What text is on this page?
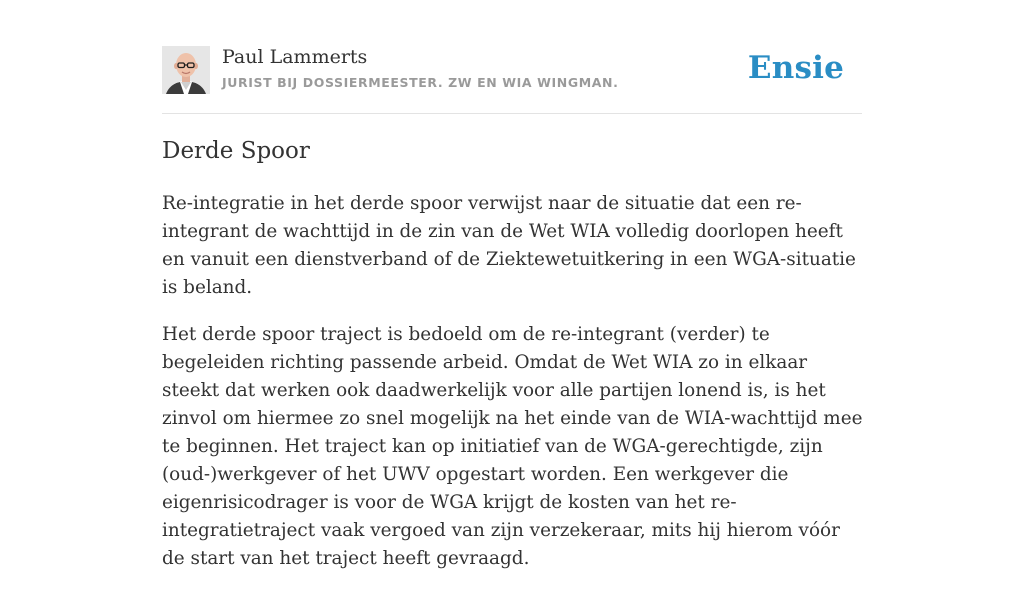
Paul Lammerts
JURIST BIJ DOSSIERMEESTER. ZW EN WIA WINGMAN.	Ensie
Derde Spoor

Re-integratie in het derde spoor verwijst naar de situatie dat een re-integrant de wachttijd in de zin van de Wet WIA volledig doorlopen heeft en vanuit een dienstverband of de Ziektewetuitkering in een WGA-situatie is beland.

Het derde spoor traject is bedoeld om de re-integrant (verder) te begeleiden richting passende arbeid. Omdat de Wet WIA zo in elkaar steekt dat werken ook daadwerkelijk voor alle partijen lonend is, is het zinvol om hiermee zo snel mogelijk na het einde van de WIA-wachttijd mee te beginnen. Het traject kan op initiatief van de WGA-gerechtigde, zijn (oud-)werkgever of het UWV opgestart worden. Een werkgever die eigenrisicodrager is voor de WGA krijgt de kosten van het re-integratietraject vaak vergoed van zijn verzekeraar, mits hij hierom vóór de start van het traject heeft gevraagd.
